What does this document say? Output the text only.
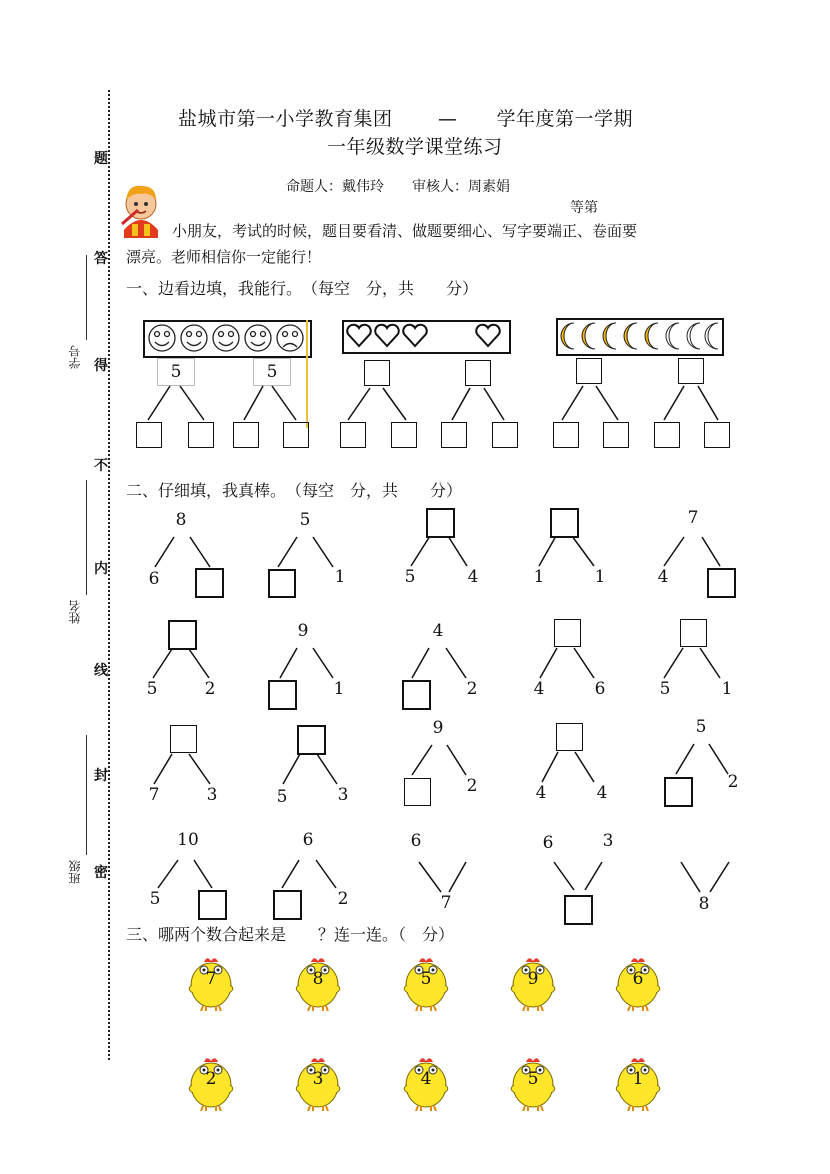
题
答
得
不
内
线
封
密
学号
姓名
班级
盐城市第一小学教育集团　　 —　　学年度第一学期
一年级数学课堂练习
命题人：戴伟玲　　审核人：周素娟
等第
小朋友，考试的时候，题目要看清、做题要细心、写字要端正、卷面要
漂亮。老师相信你一定能行！
一、边看边填，我能行。　（每空　分，共　　分）
5	5
二、仔细填，我真棒。　（每空　分，共　　分）
8
6
5
1	5	4	1	1
7
4
5	2
9
1
4
2	4	6	5	1
7	3	5	3
9
2	4	4
5
2
10
5
6
2
6
7
6	3
8
三、哪两个数合起来是　　？连一连。（　分）
7	8	5	9	6
2	3	4	5	1
